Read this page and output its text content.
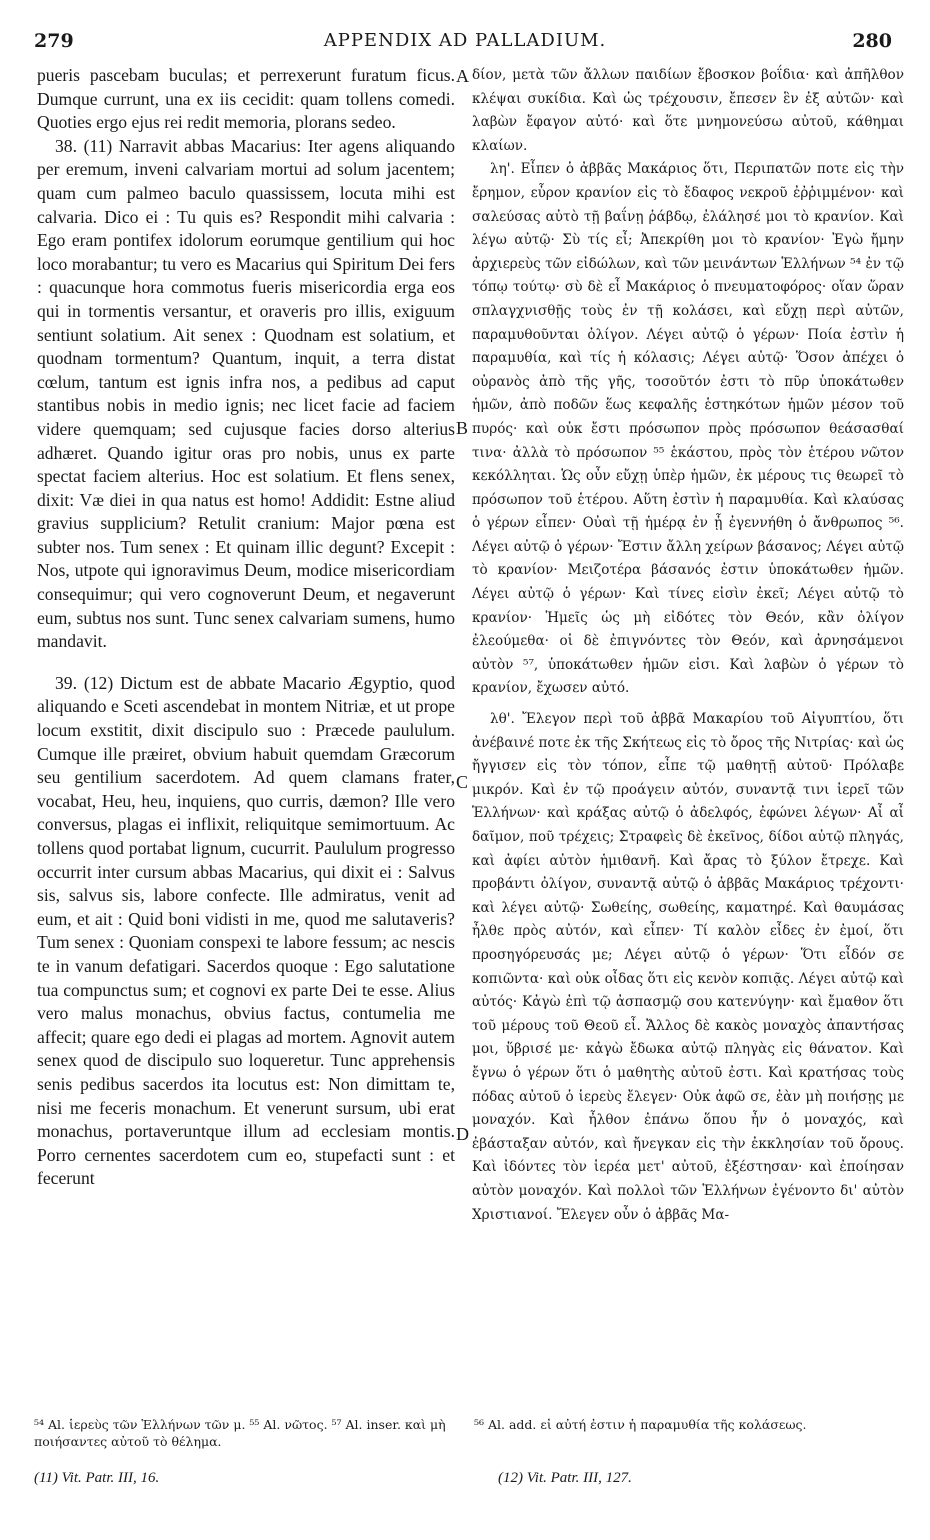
279	APPENDIX AD PALLADIUM.	280

pueris pascebam buculas; et perrexerunt furatum ficus. Dumque currunt, una ex iis cecidit: quam tollens comedi. Quoties ergo ejus rei redit memoria, plorans sedeo.

38. (11) Narravit abbas Macarius: Iter agens aliquando per eremum, inveni calvariam mortui ad solum jacentem; quam cum palmeo baculo quassissem, locuta mihi est calvaria. Dico ei : Tu quis es? Respondit mihi calvaria : Ego eram pontifex idolorum eorumque gentilium qui hoc loco morabantur; tu vero es Macarius qui Spiritum Dei fers : quacunque hora commotus fueris misericordia erga eos qui in tormentis versantur, et oraveris pro illis, exiguum sentiunt solatium. Ait senex : Quodnam est solatium, et quodnam tormentum? Quantum, inquit, a terra distat cœlum, tantum est ignis infra nos, a pedibus ad caput stantibus nobis in medio ignis; nec licet facie ad faciem videre quemquam; sed cujusque facies dorso alterius adhæret. Quando igitur oras pro nobis, unus ex parte spectat faciem alterius. Hoc est solatium. Et flens senex, dixit: Væ diei in qua natus est homo! Addidit: Estne aliud gravius supplicium? Retulit cranium: Major pœna est subter nos. Tum senex : Et quinam illic degunt? Excepit : Nos, utpote qui ignoravimus Deum, modice misericordiam consequimur; qui vero cognoverunt Deum, et negaverunt eum, subtus nos sunt. Tunc senex calvariam sumens, humo mandavit.

39. (12) Dictum est de abbate Macario Ægyptio, quod aliquando e Sceti ascendebat in montem Nitriæ, et ut prope locum exstitit, dixit discipulo suo : Præcede paululum. Cumque ille præiret, obvium habuit quemdam Græcorum seu gentilium sacerdotem. Ad quem clamans frater, vocabat, Heu, heu, inquiens, quo curris, dæmon? Ille vero conversus, plagas ei inflixit, reliquitque semimortuum. Ac tollens quod portabat lignum, cucurrit. Paululum progresso occurrit inter cursum abbas Macarius, qui dixit ei : Salvus sis, salvus sis, labore confecte. Ille admiratus, venit ad eum, et ait : Quid boni vidisti in me, quod me salutaveris? Tum senex : Quoniam conspexi te labore fessum; ac nescis te in vanum defatigari. Sacerdos quoque : Ego salutatione tua compunctus sum; et cognovi ex parte Dei te esse. Alius vero malus monachus, obvius factus, contumelia me affecit; quare ego dedi ei plagas ad mortem. Agnovit autem senex quod de discipulo suo loqueretur. Tunc apprehensis senis pedibus sacerdos ita locutus est: Non dimittam te, nisi me feceris monachum. Et venerunt sursum, ubi erat monachus, portaveruntque illum ad ecclesiam montis. Porro cernentes sacerdotem cum eo, stupefacti sunt : et fecerunt

A
B
C
D

δίον, μετὰ τῶν ἄλλων παιδίων ἔβοσκον βοΐδια· καὶ ἀπῆλθον κλέψαι συκίδια. Καὶ ὡς τρέχουσιν, ἔπεσεν ἓν ἐξ αὐτῶν· καὶ λαβὼν ἔφαγον αὐτό· καὶ ὅτε μνημονεύσω αὐτοῦ, κάθημαι κλαίων.

λη'. Εἶπεν ὁ ἀββᾶς Μακάριος ὅτι, Περιπατῶν ποτε εἰς τὴν ἔρημον, εὗρον κρανίον εἰς τὸ ἔδαφος νεκροῦ ἐῤῥιμμένον· καὶ σαλεύσας αὐτὸ τῇ βαΐνῃ ῥάβδῳ, ἐλάλησέ μοι τὸ κρανίον. Καὶ λέγω αὐτῷ· Σὺ τίς εἶ; Ἀπεκρίθη μοι τὸ κρανίον· Ἐγὼ ἤμην ἀρχιερεὺς τῶν εἰδώλων, καὶ τῶν μεινάντων Ἑλλήνων ⁵⁴ ἐν τῷ τόπῳ τούτῳ· σὺ δὲ εἶ Μακάριος ὁ πνευματοφόρος· οἵαν ὥραν σπλαγχνισθῇς τοὺς ἐν τῇ κολάσει, καὶ εὔχῃ περὶ αὐτῶν, παραμυθοῦνται ὀλίγον. Λέγει αὐτῷ ὁ γέρων· Ποία ἐστὶν ἡ παραμυθία, καὶ τίς ἡ κόλασις; Λέγει αὐτῷ· Ὅσον ἀπέχει ὁ οὐρανὸς ἀπὸ τῆς γῆς, τοσοῦτόν ἐστι τὸ πῦρ ὑποκάτωθεν ἡμῶν, ἀπὸ ποδῶν ἕως κεφαλῆς ἑστηκότων ἡμῶν μέσον τοῦ πυρός· καὶ οὐκ ἔστι πρόσωπον πρὸς πρόσωπον θεάσασθαί τινα· ἀλλὰ τὸ πρόσωπον ⁵⁵ ἑκάστου, πρὸς τὸν ἑτέρου νῶτον κεκόλληται. Ὡς οὖν εὔχῃ ὑπὲρ ἡμῶν, ἐκ μέρους τις θεωρεῖ τὸ πρόσωπον τοῦ ἑτέρου. Αὕτη ἐστὶν ἡ παραμυθία. Καὶ κλαύσας ὁ γέρων εἶπεν· Οὐαὶ τῇ ἡμέρᾳ ἐν ᾗ ἐγεννήθη ὁ ἄνθρωπος ⁵⁶. Λέγει αὐτῷ ὁ γέρων· Ἔστιν ἄλλη χείρων βάσανος; Λέγει αὐτῷ τὸ κρανίον· Μειζοτέρα βάσανός ἐστιν ὑποκάτωθεν ἡμῶν. Λέγει αὐτῷ ὁ γέρων· Καὶ τίνες εἰσὶν ἐκεῖ; Λέγει αὐτῷ τὸ κρανίον· Ἡμεῖς ὡς μὴ εἰδότες τὸν Θεόν, κἂν ὀλίγον ἐλεούμεθα· οἱ δὲ ἐπιγνόντες τὸν Θεόν, καὶ ἀρνησάμενοι αὐτὸν ⁵⁷, ὑποκάτωθεν ἡμῶν εἰσι. Καὶ λαβὼν ὁ γέρων τὸ κρανίον, ἔχωσεν αὐτό.

λθ'. Ἔλεγον περὶ τοῦ ἀββᾶ Μακαρίου τοῦ Αἰγυπτίου, ὅτι ἀνέβαινέ ποτε ἐκ τῆς Σκήτεως εἰς τὸ ὄρος τῆς Νιτρίας· καὶ ὡς ἤγγισεν εἰς τὸν τόπον, εἶπε τῷ μαθητῇ αὐτοῦ· Πρόλαβε μικρόν. Καὶ ἐν τῷ προάγειν αὐτόν, συναντᾷ τινι ἱερεῖ τῶν Ἑλλήνων· καὶ κράξας αὐτῷ ὁ ἀδελφός, ἐφώνει λέγων· Αἶ αἶ δαῖμον, ποῦ τρέχεις; Στραφεὶς δὲ ἐκεῖνος, δίδοι αὐτῷ πληγάς, καὶ ἀφίει αὐτὸν ἡμιθανῆ. Καὶ ἄρας τὸ ξύλον ἔτρεχε. Καὶ προβάντι ὀλίγον, συναντᾷ αὐτῷ ὁ ἀββᾶς Μακάριος τρέχοντι· καὶ λέγει αὐτῷ· Σωθείης, σωθείης, καματηρέ. Καὶ θαυμάσας ἦλθε πρὸς αὐτόν, καὶ εἶπεν· Τί καλὸν εἶδες ἐν ἐμοί, ὅτι προσηγόρευσάς με; Λέγει αὐτῷ ὁ γέρων· Ὅτι εἶδόν σε κοπιῶντα· καὶ οὐκ οἶδας ὅτι εἰς κενὸν κοπιᾷς. Λέγει αὐτῷ καὶ αὐτός· Κἀγὼ ἐπὶ τῷ ἀσπασμῷ σου κατενύγην· καὶ ἔμαθον ὅτι τοῦ μέρους τοῦ Θεοῦ εἶ. Ἄλλος δὲ κακὸς μοναχὸς ἀπαντήσας μοι, ὕβρισέ με· κἀγὼ ἔδωκα αὐτῷ πληγὰς εἰς θάνατον. Καὶ ἔγνω ὁ γέρων ὅτι ὁ μαθητὴς αὐτοῦ ἐστι. Καὶ κρατήσας τοὺς πόδας αὐτοῦ ὁ ἱερεὺς ἔλεγεν· Οὐκ ἀφῶ σε, ἐὰν μὴ ποιήσῃς με μοναχόν. Καὶ ἦλθον ἐπάνω ὅπου ἦν ὁ μοναχός, καὶ ἐβάσταξαν αὐτόν, καὶ ἤνεγκαν εἰς τὴν ἐκκλησίαν τοῦ ὄρους. Καὶ ἰδόντες τὸν ἱερέα μετ' αὐτοῦ, ἐξέστησαν· καὶ ἐποίησαν αὐτὸν μοναχόν. Καὶ πολλοὶ τῶν Ἑλλήνων ἐγένοντο δι' αὐτὸν Χριστιανοί. Ἔλεγεν οὖν ὁ ἀββᾶς Μα-

⁵⁴ Al. ἱερεὺς τῶν Ἑλλήνων τῶν μ. ⁵⁵ Al. νῶτος. ⁵⁷ Al. inser. καὶ μὴ ποιήσαντες αὐτοῦ τὸ θέλημα.
⁵⁶ Al. add. εἰ αὐτή ἐστιν ἡ παραμυθία τῆς κολάσεως.
(11) Vit. Patr. III, 16.	(12) Vit. Patr. III, 127.
